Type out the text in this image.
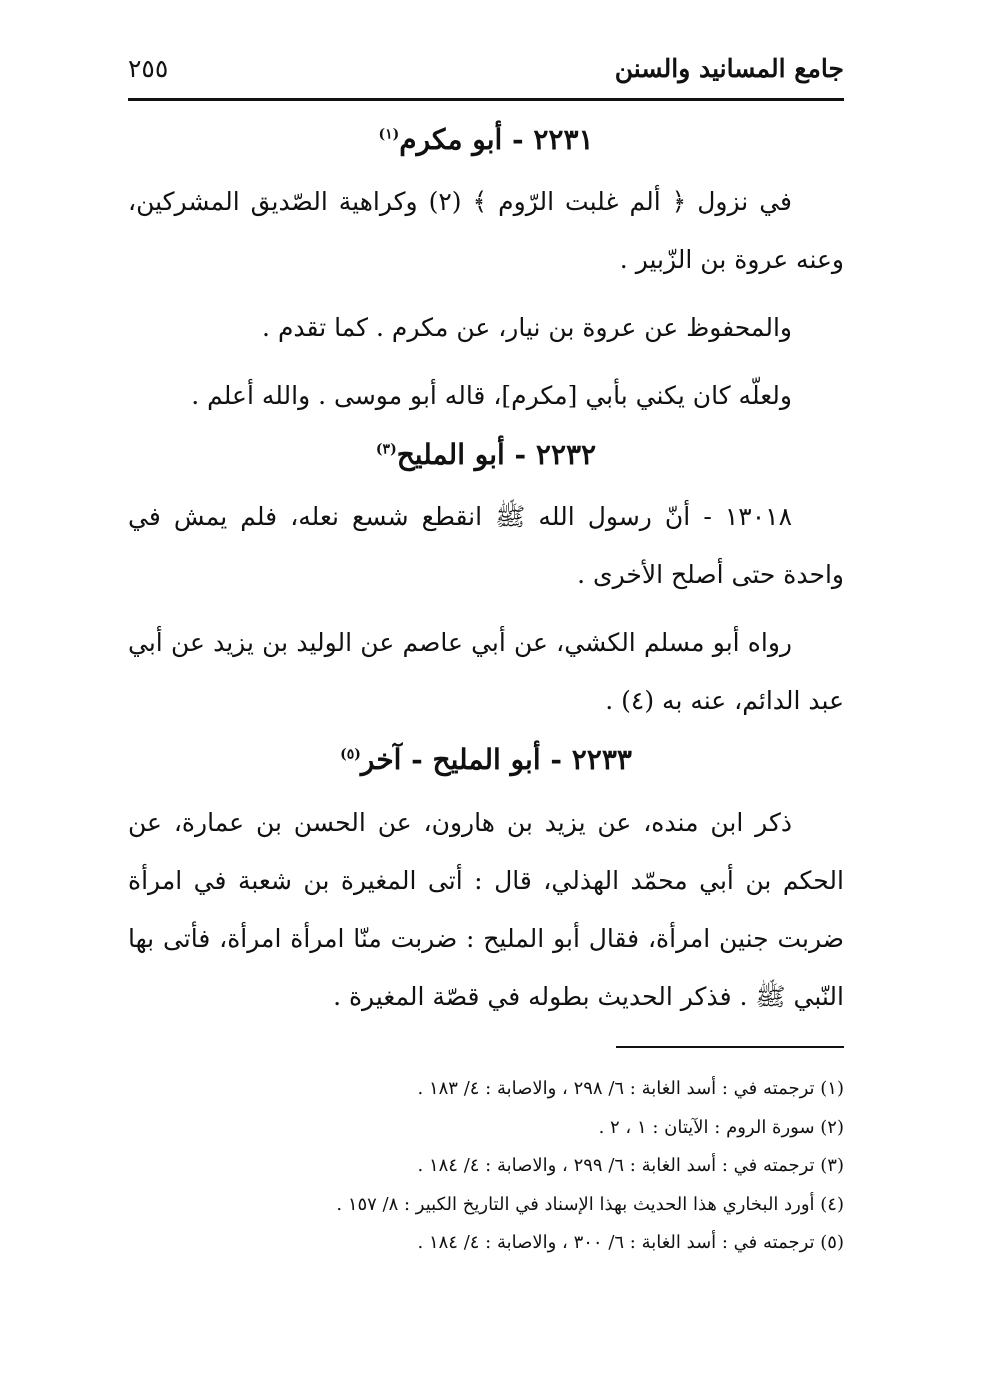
جامع المسانيد والسنن
٢٥٥
٢٢٣١ - أبو مكرم$^{(١)}$

في نزول ﴿ ألم غلبت الرّوم ﴾ (٢) وكراهية الصّديق المشركين، وعنه عروة بن الزّبير .

والمحفوظ عن عروة بن نيار، عن مكرم . كما تقدم .

ولعلّه كان يكني بأبي [مكرم]، قاله أبو موسى . والله أعلم .

٢٢٣٢ - أبو المليح$^{(٣)}$

١٣٠١٨ - أنّ رسول الله ﷺ انقطع شسع نعله، فلم يمش في واحدة حتى أصلح الأخرى .

رواه أبو مسلم الكشي، عن أبي عاصم عن الوليد بن يزيد عن أبي عبد الدائم، عنه به (٤) .

٢٢٣٣ - أبو المليح - آخر$^{(٥)}$

ذكر ابن منده، عن يزيد بن هارون، عن الحسن بن عمارة، عن الحكم بن أبي محمّد الهذلي، قال : أتى المغيرة بن شعبة في امرأة ضربت جنين امرأة، فقال أبو المليح : ضربت منّا امرأة امرأة، فأتى بها النّبي ﷺ . فذكر الحديث بطوله في قصّة المغيرة .

(١) ترجمته في : أسد الغابة : ٦/ ٢٩٨ ، والاصابة : ٤/ ١٨٣ .
(٢) سورة الروم : الآيتان : ١ ، ٢ .
(٣) ترجمته في : أسد الغابة : ٦/ ٢٩٩ ، والاصابة : ٤/ ١٨٤ .
(٤) أورد البخاري هذا الحديث بهذا الإسناد في التاريخ الكبير : ٨/ ١٥٧ .
(٥) ترجمته في : أسد الغابة : ٦/ ٣٠٠ ، والاصابة : ٤/ ١٨٤ .
